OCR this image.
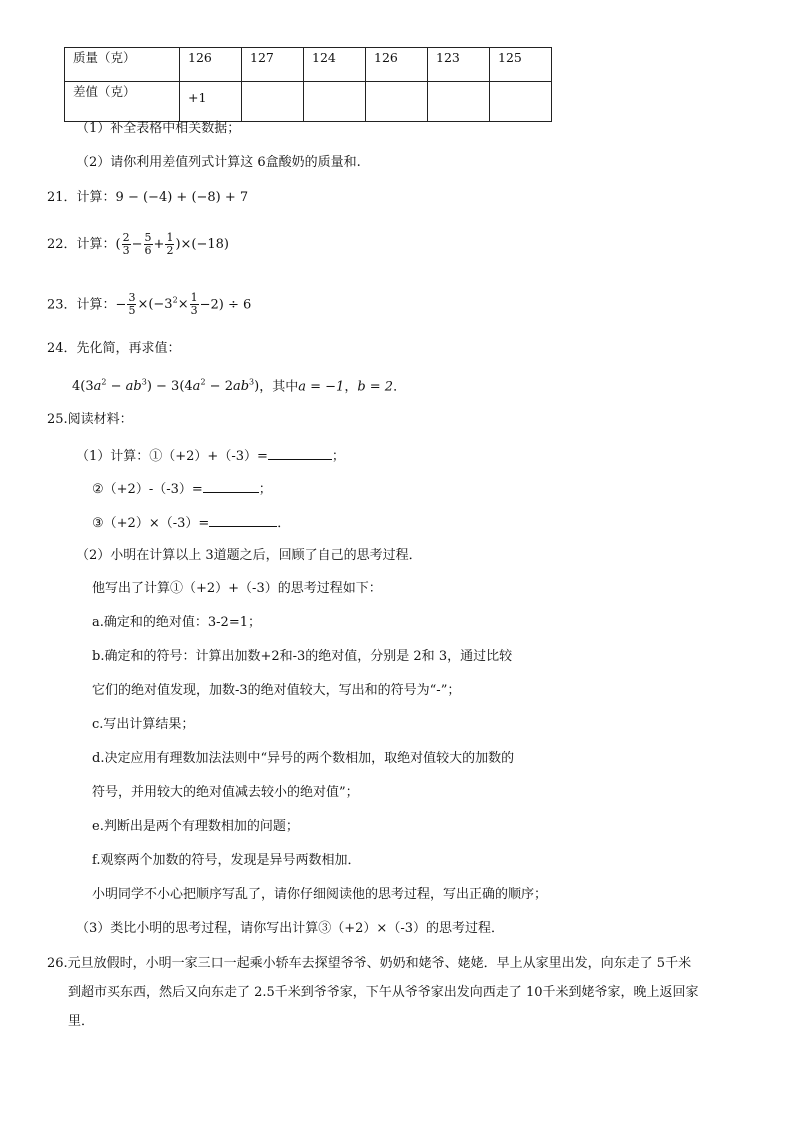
质量（克）	126	127	124	126	123	125
差值（克）	+1					
（1）补全表格中相关数据；
（2）请你利用差值列式计算这 6盒酸奶的质量和.
21．计算：9 − (−4) + (−8) + 7
22．计算：( $\frac{2}{3} - \frac{5}{6} + \frac{1}{2} )\times(-18)$
23．计算：− $\frac{3}{5} \times(-3^2\times \frac{1}{3} -2) \div 6$
24．先化简，再求值：
$4(3a^2 - ab^3) - 3(4a^2 - 2ab^3)$，其中a = −1，b = 2．
25.阅读材料：
（1）计算：①（+2）+（-3）=	；
②（+2）-（-3）=	；
③（+2）×（-3）=	．
（2）小明在计算以上 3道题之后，回顾了自己的思考过程．
他写出了计算①（+2）+（-3）的思考过程如下：
a.确定和的绝对值：3-2=1；
b.确定和的符号：计算出加数+2和-3的绝对值，分别是 2和 3，通过比较
它们的绝对值发现，加数-3的绝对值较大，写出和的符号为“-”；
c.写出计算结果；
d.决定应用有理数加法法则中“异号的两个数相加，取绝对值较大的加数的
符号，并用较大的绝对值减去较小的绝对值”；
e.判断出是两个有理数相加的问题；
f.观察两个加数的符号，发现是异号两数相加．
小明同学不小心把顺序写乱了，请你仔细阅读他的思考过程，写出正确的顺序；
（3）类比小明的思考过程，请你写出计算③（+2）×（-3）的思考过程．
26.元旦放假时，小明一家三口一起乘小轿车去探望爷爷、奶奶和姥爷、姥姥．早上从家里出发，向东走了 5千米
到超市买东西，然后又向东走了 2.5千米到爷爷家，下午从爷爷家出发向西走了 10千米到姥爷家，晚上返回家
里．
